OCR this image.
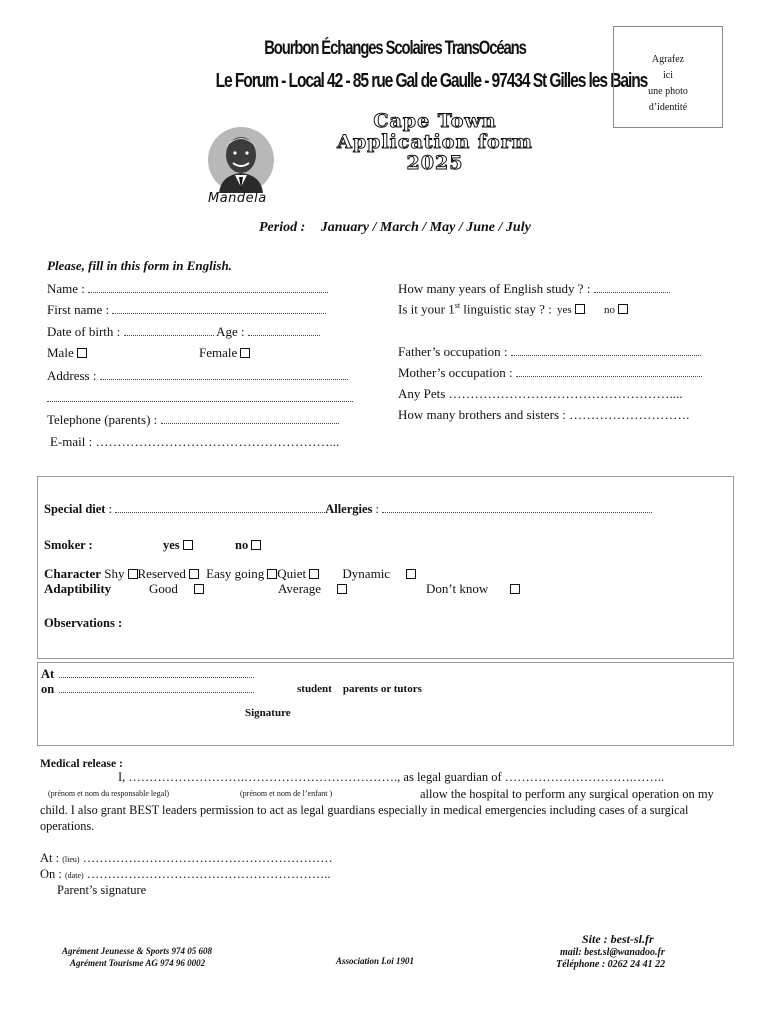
Bourbon Échanges Scolaires TransOcéans
Le Forum - Local 42 - 85 rue Gal de Gaulle - 97434 St Gilles les Bains
Agrafez
ici
une photo
d’identité
Mandela
Cape Town
Application form
2025
Period : January / March / May / June / July
Please, fill in this form in English.
Name :
First name :
Date of birth :	Age :
Male	Female
Address :
Telephone (parents) :
E-mail : ………………………………………………...
How many years of English study ? :
Is it your 1st linguistic stay ? : yes	no
Father’s occupation :
Mother’s occupation :
Any Pets ……………………………………………....
How many brothers and sisters : ……………………….
Special diet :	Allergies :
Smoker :	yes	no
Character Shy Reserved Easy going Quiet	Dynamic
Adaptibility	Good	Average	Don’t know
Observations :
At
on	student    parents or tutors
Signature
Medical release :
I, ……………………….………………………………., as legal guardian of ………………………….……..
(prénom et nom du responsable legal)	(prénom et nom de l’enfant )	allow the hospital to perform any surgical operation on my
child. I also grant BEST leaders permission to act as legal guardians especially in medical emergencies including cases of a surgical
operations.
At : (lieu) ……………………………………………………
On : (date) …………………………………………………..
Parent’s signature
Agrément Jeunesse & Sports 974 05 608
Agrément Tourisme AG 974 96 0002	Association Loi 1901
Site : best-sl.fr
mail: best.sl@wanadoo.fr
Téléphone : 0262 24 41 22
